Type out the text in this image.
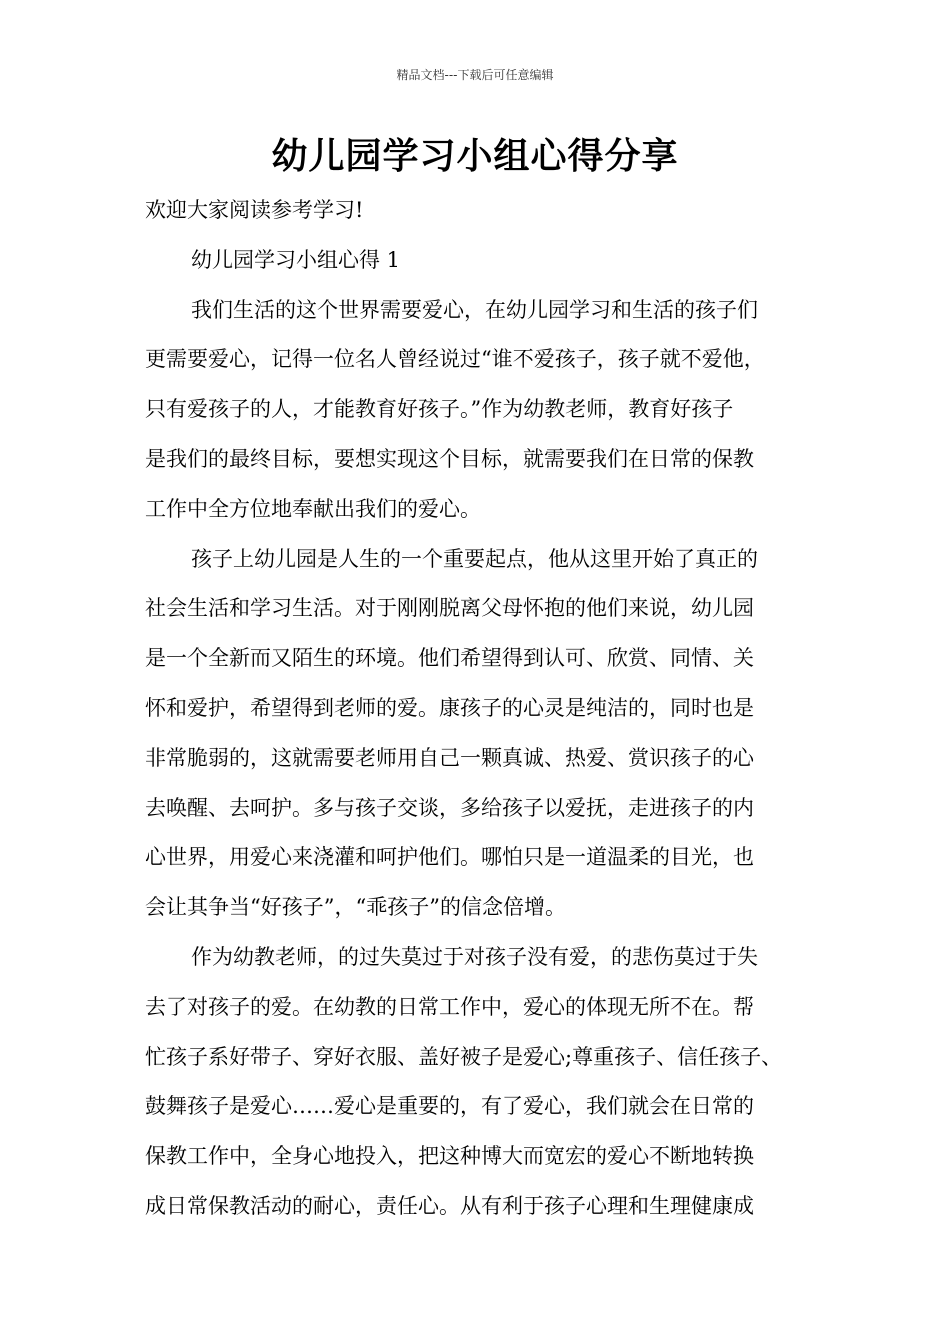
精品文档---下载后可任意编辑
幼儿园学习小组心得分享
欢迎大家阅读参考学习!
幼儿园学习小组心得 1
我们生活的这个世界需要爱心，在幼儿园学习和生活的孩子们
更需要爱心，记得一位名人曾经说过“谁不爱孩子，孩子就不爱他，
只有爱孩子的人，才能教育好孩子。”作为幼教老师，教育好孩子
是我们的最终目标，要想实现这个目标，就需要我们在日常的保教
工作中全方位地奉献出我们的爱心。
孩子上幼儿园是人生的一个重要起点，他从这里开始了真正的
社会生活和学习生活。对于刚刚脱离父母怀抱的他们来说，幼儿园
是一个全新而又陌生的环境。他们希望得到认可、欣赏、同情、关
怀和爱护，希望得到老师的爱。康孩子的心灵是纯洁的，同时也是
非常脆弱的，这就需要老师用自己一颗真诚、热爱、赏识孩子的心
去唤醒、去呵护。多与孩子交谈，多给孩子以爱抚，走进孩子的内
心世界，用爱心来浇灌和呵护他们。哪怕只是一道温柔的目光，也
会让其争当“好孩子”，“乖孩子”的信念倍增。
作为幼教老师，的过失莫过于对孩子没有爱，的悲伤莫过于失
去了对孩子的爱。在幼教的日常工作中，爱心的体现无所不在。帮
忙孩子系好带子、穿好衣服、盖好被子是爱心;尊重孩子、信任孩子、
鼓舞孩子是爱心……爱心是重要的，有了爱心，我们就会在日常的
保教工作中，全身心地投入，把这种博大而宽宏的爱心不断地转换
成日常保教活动的耐心，责任心。从有利于孩子心理和生理健康成
